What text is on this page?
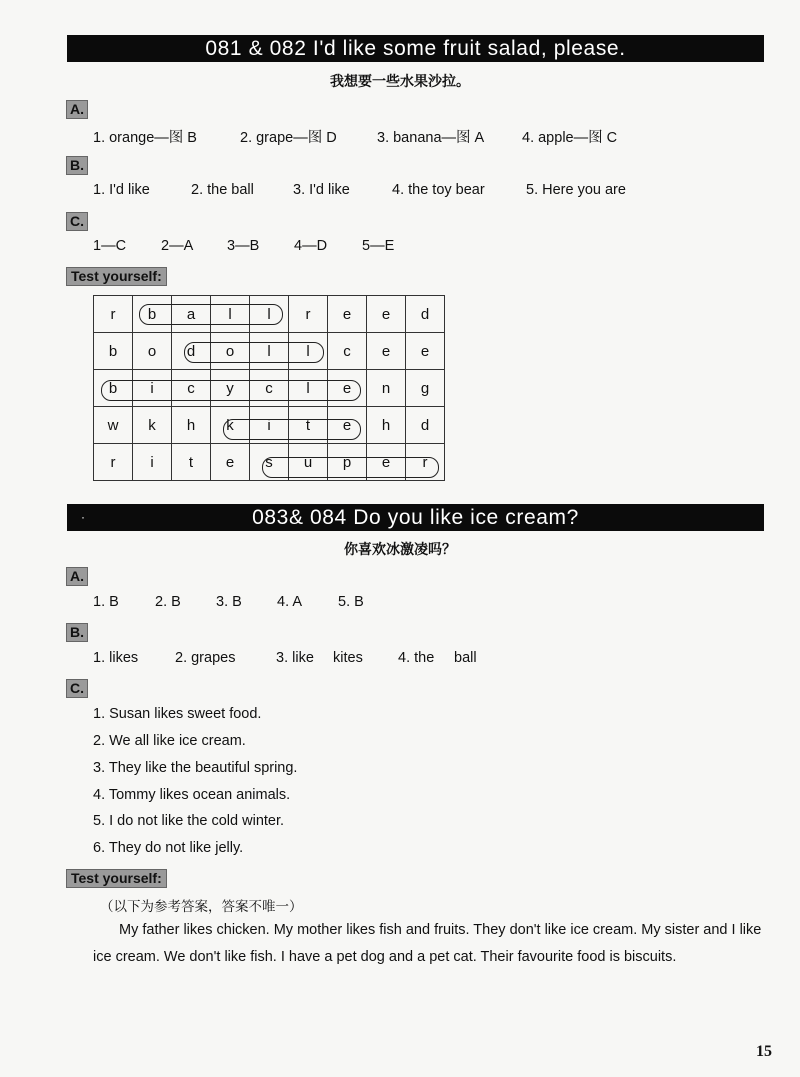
081 & 082 I'd like some fruit salad, please.
我想要一些水果沙拉。
A.
1. orange—图 B	2. grape—图 D	3. banana—图 A	4. apple—图 C
B.
1. I'd like	2. the ball	3. I'd like	4. the toy bear	5. Here you are
C.
1—C 2—A 3—B 4—D 5—E
Test yourself:
r	b	a	l	l	r	e	e	d
b	o	d	o	l	l	c	e	e
b	i	c	y	c	l	e	n	g
w	k	h	k	i	t	e	h	d
r	i	t	e	s	u	p	e	r
·	083& 084 Do you like ice cream?
你喜欢冰激凌吗？
A.
1. B 2. B 3. B 4. A 5. B
B.
1. likes	2. grapes	3. like kites 4. the ball
C.
1. Susan likes sweet food.
2. We all like ice cream.
3. They like the beautiful spring.
4. Tommy likes ocean animals.
5. I do not like the cold winter.
6. They do not like jelly.
Test yourself:
（以下为参考答案，答案不唯一）
My father likes chicken. My mother likes fish and fruits. They don't like ice cream. My sister and I like ice cream. We don't like fish. I have a pet dog and a pet cat. Their favourite food is biscuits.
15
